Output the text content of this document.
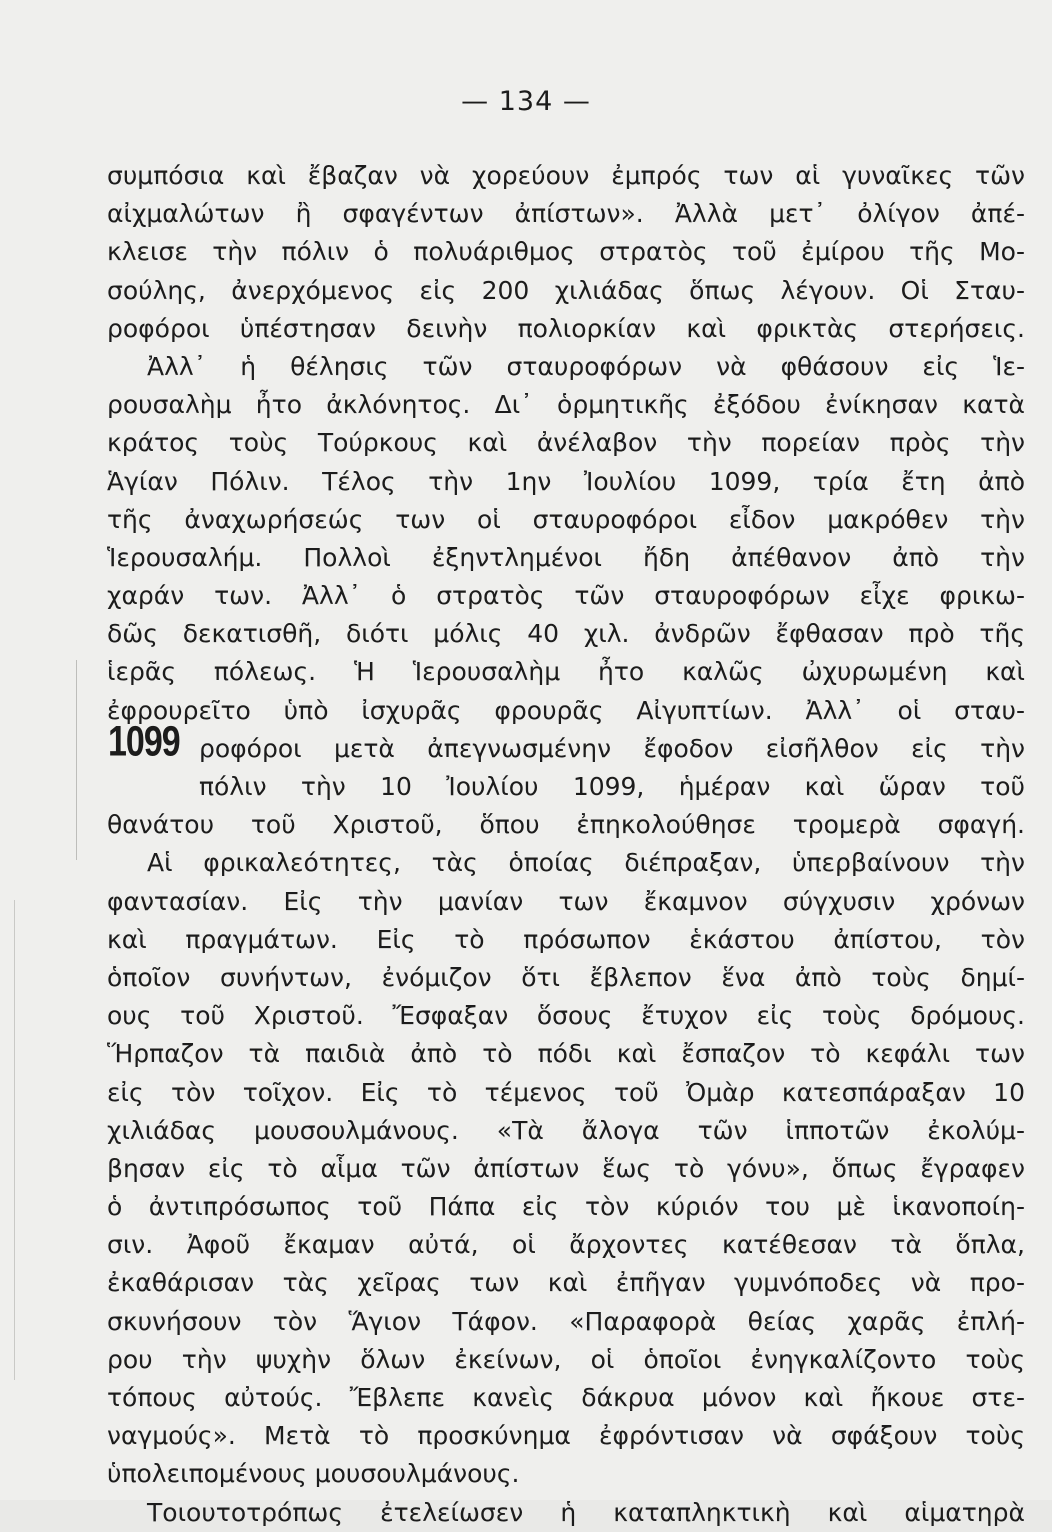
— 134 —
1099
συμπόσια καὶ ἔβαζαν νὰ χορεύουν ἐμπρός των αἱ γυναῖκες τῶν
αἰχμαλώτων ἢ σφαγέντων ἀπίστων». Ἀλλὰ μετ᾽ ὀλίγον ἀπέ-
κλεισε τὴν πόλιν ὁ πολυάριθμος στρατὸς τοῦ ἐμίρου τῆς Μο-
σούλης, ἀνερχόμενος εἰς 200 χιλιάδας ὅπως λέγουν. Οἱ Σταυ-
ροφόροι ὑπέστησαν δεινὴν πολιορκίαν καὶ φρικτὰς στερήσεις.
Ἀλλ᾽ ἡ θέλησις τῶν σταυροφόρων νὰ φθάσουν εἰς Ἱε-
ρουσαλὴμ ἦτο ἀκλόνητος. Δι᾽ ὁρμητικῆς ἐξόδου ἐνίκησαν κατὰ
κράτος τοὺς Τούρκους καὶ ἀνέλαβον τὴν πορείαν πρὸς τὴν
Ἁγίαν Πόλιν. Τέλος τὴν 1ην Ἰουλίου 1099, τρία ἔτη ἀπὸ
τῆς ἀναχωρήσεώς των οἱ σταυροφόροι εἶδον μακρόθεν τὴν
Ἱερουσαλήμ. Πολλοὶ ἐξηντλημένοι ἤδη ἀπέθανον ἀπὸ τὴν
χαράν των. Ἀλλ᾽ ὁ στρατὸς τῶν σταυροφόρων εἶχε φρικω-
δῶς δεκατισθῆ, διότι μόλις 40 χιλ. ἀνδρῶν ἔφθασαν πρὸ τῆς
ἱερᾶς πόλεως. Ἡ Ἱερουσαλὴμ ἦτο καλῶς ὠχυρωμένη καὶ
ἐφρουρεῖτο ὑπὸ ἰσχυρᾶς φρουρᾶς Αἰγυπτίων. Ἀλλ᾽ οἱ σταυ-
ροφόροι μετὰ ἀπεγνωσμένην ἔφοδον εἰσῆλθον εἰς τὴν
πόλιν τὴν 10 Ἰουλίου 1099, ἡμέραν καὶ ὥραν τοῦ
θανάτου τοῦ Χριστοῦ, ὅπου ἐπηκολούθησε τρομερὰ σφαγή.
Αἱ φρικαλεότητες, τὰς ὁποίας διέπραξαν, ὑπερβαίνουν τὴν
φαντασίαν. Εἰς τὴν μανίαν των ἔκαμνον σύγχυσιν χρόνων
καὶ πραγμάτων. Εἰς τὸ πρόσωπον ἑκάστου ἀπίστου, τὸν
ὁποῖον συνήντων, ἐνόμιζον ὅτι ἔβλεπον ἕνα ἀπὸ τοὺς δημί-
ους τοῦ Χριστοῦ. Ἔσφαξαν ὅσους ἔτυχον εἰς τοὺς δρόμους.
Ἥρπαζον τὰ παιδιὰ ἀπὸ τὸ πόδι καὶ ἔσπαζον τὸ κεφάλι των
εἰς τὸν τοῖχον. Εἰς τὸ τέμενος τοῦ Ὀμὰρ κατεσπάραξαν 10
χιλιάδας μουσουλμάνους. «Τὰ ἄλογα τῶν ἱπποτῶν ἐκολύμ-
βησαν εἰς τὸ αἷμα τῶν ἀπίστων ἕως τὸ γόνυ», ὅπως ἔγραφεν
ὁ ἀντιπρόσωπος τοῦ Πάπα εἰς τὸν κύριόν του μὲ ἱκανοποίη-
σιν. Ἀφοῦ ἔκαμαν αὐτά, οἱ ἄρχοντες κατέθεσαν τὰ ὅπλα,
ἐκαθάρισαν τὰς χεῖρας των καὶ ἐπῆγαν γυμνόποδες νὰ προ-
σκυνήσουν τὸν Ἅγιον Τάφον. «Παραφορὰ θείας χαρᾶς ἐπλή-
ρου τὴν ψυχὴν ὅλων ἐκείνων, οἱ ὁποῖοι ἐνηγκαλίζοντο τοὺς
τόπους αὐτούς. Ἔβλεπε κανεὶς δάκρυα μόνον καὶ ἤκουε στε-
ναγμούς». Μετὰ τὸ προσκύνημα ἐφρόντισαν νὰ σφάξουν τοὺς
ὑπολειπομένους μουσουλμάνους.
Τοιουτοτρόπως ἐτελείωσεν ἡ καταπληκτικὴ καὶ αἱματηρὰ
